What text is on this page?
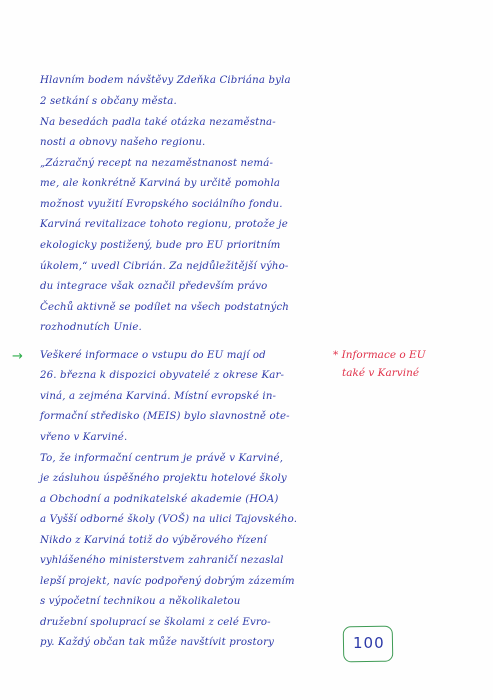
Hlavním bodem návštěvy Zdeňka Cibriána byla
2 setkání s občany města.
Na besedách padla také otázka nezaměstna-
nosti a obnovy našeho regionu.
„Zázračný recept na nezaměstnanost nemá-
me, ale konkrétně Karviná by určitě pomohla
možnost využití Evropského sociálního fondu.
Karviná revitalizace tohoto regionu, protože je
ekologicky postižený, bude pro EU prioritním
úkolem,“ uvedl Cibrián. Za nejdůležitější výho-
du integrace však označil především právo
Čechů aktivně se podílet na všech podstatných
rozhodnutích Unie.
→ Veškeré informace o vstupu do EU mají od
26. března k dispozici obyvatelé z okrese Kar-
viná, a zejména Karviná. Místní evropské in-
formační středisko (MEIS) bylo slavnostně ote-
vřeno v Karviné.
To, že informační centrum je právě v Karviné,
je zásluhou úspěšného projektu hotelové školy
a Obchodní a podnikatelské akademie (HOA)
a Vyšší odborné školy (VOŠ) na ulici Tajovského.
Nikdo z Karviná totiž do výběrového řízení
vyhlášeného ministerstvem zahraničí nezaslal
lepší projekt, navíc podpořený dobrým zázemím
s výpočetní technikou a několikaletou
družební spoluprací se školami z celé Evro-
py. Každý občan tak může navštívit prostory
* Informace o EU
také v Karviné
100
